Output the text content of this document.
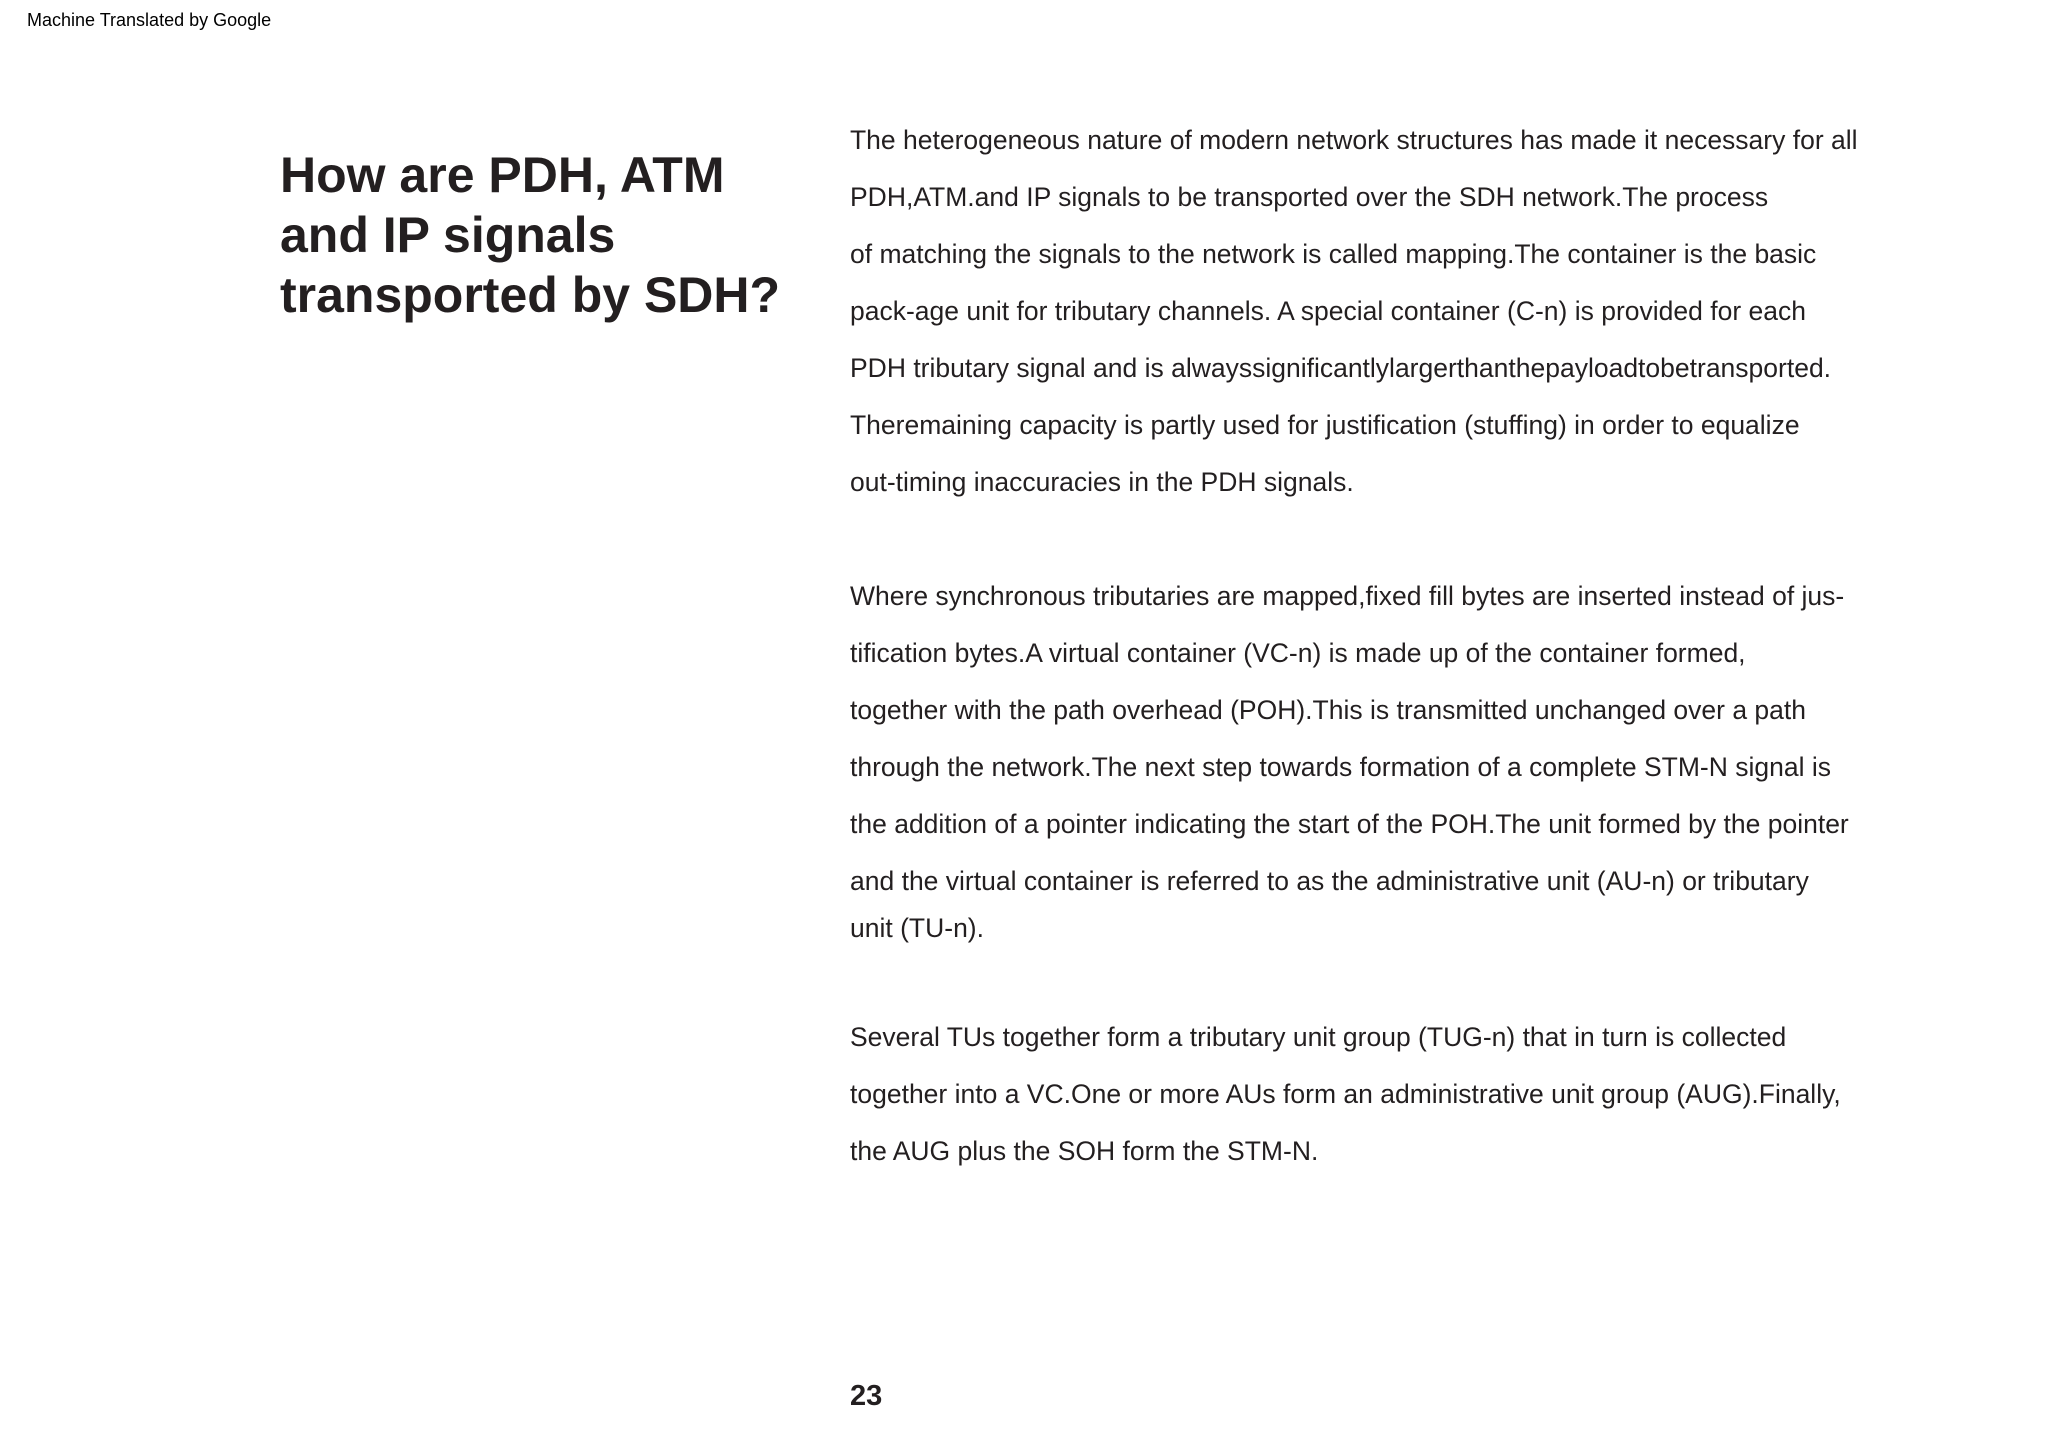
Machine Translated by Google
How are PDH, ATM
and IP signals
transported by SDH?
The heterogeneous nature of modern network structures has made it necessary for all
PDH,ATM.and IP signals to be transported over the SDH network.The process
of matching the signals to the network is called mapping.The container is the basic
pack-age unit for tributary channels. A special container (C-n) is provided for each
PDH tributary signal and is alwayssignificantlylargerthanthepayloadtobetransported.
Theremaining capacity is partly used for justification (stuffing) in order to equalize
out-timing inaccuracies in the PDH signals.
Where synchronous tributaries are mapped,fixed fill bytes are inserted instead of jus-
tification bytes.A virtual container (VC-n) is made up of the container formed,
together with the path overhead (POH).This is transmitted unchanged over a path
through the network.The next step towards formation of a complete STM-N signal is
the addition of a pointer indicating the start of the POH.The unit formed by the pointer
and the virtual container is referred to as the administrative unit (AU-n) or tributary
unit (TU-n).
Several TUs together form a tributary unit group (TUG-n) that in turn is collected
together into a VC.One or more AUs form an administrative unit group (AUG).Finally,
the AUG plus the SOH form the STM-N.
23
